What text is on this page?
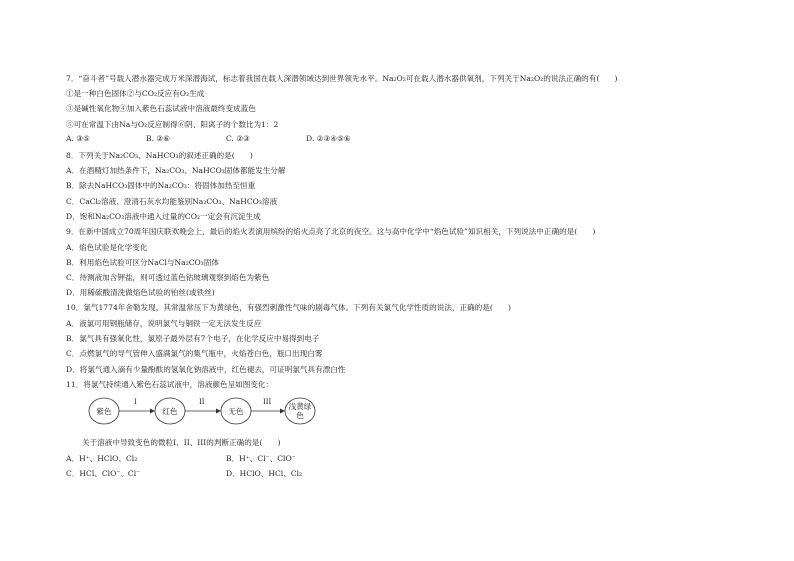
7．“奋斗者”号载人潜水器完成万米深潜海试，标志着我国在载人深潜领域达到世界领先水平。Na₂O₂可在载人潜水器供氧剂，下列关于Na₂O₂的说法正确的有(　　)
①是一种白色固体②与CO₂反应有O₂生成
③是碱性氧化物④加入紫色石蕊试液中溶液最终变成蓝色
⑤可在常温下由Na与O₂反应制得⑥阴、阳离子的个数比为1：2
A. ③⑤	B. ②⑥	C. ②③	D. ②③④⑤⑥
8．下列关于Na₂CO₃、NaHCO₃的叙述正确的是(　　)
A．在酒精灯加热条件下，Na₂CO₃、NaHCO₃固体都能发生分解
B．除去NaHCO₃固体中的Na₂CO₃：将固体加热至恒重
C．CaCl₂溶液、澄清石灰水均能鉴别Na₂CO₃、NaHCO₃溶液
D．饱和Na₂CO₃溶液中通入过量的CO₂一定会有沉淀生成
9．在新中国成立70周年国庆联欢晚会上，最后的焰火表演用缤纷的焰火点亮了北京的夜空。这与高中化学中“焰色试验”知识相关，下列说法中正确的是(　　)
A．焰色试验是化学变化
B．利用焰色试验可区分NaCl与Na₂CO₃固体
C．待测液加含钾盐，则可透过蓝色钴玻璃观察到焰色为紫色
D．用稀硫酸清洗做焰色试验的铂丝(或铁丝)
10．氯气1774年舍勒发现，其常温常压下为黄绿色，有强烈刺激性气味的剧毒气体。下列有关氯气化学性质的说法，正确的是(　　)
A．液氯可用钢瓶储存，说明氯气与铜铁一定无法发生反应
B．氯气具有强氧化性，氯原子最外层有7个电子，在化学反应中易得到电子
C．点燃氯气的导气管伸入盛满氯气的集气瓶中，火焰苍白色，瓶口出现白雾
D．将氯气通入滴有少量酚酞的氢氧化钠溶液中，红色褪去，可证明氯气具有漂白性
11．将氯气持续通入紫色石蕊试液中，溶液颜色呈如图变化：
紫色	红色	无色	浅黄绿色
I	II	III
关于溶液中导致变色的微粒I、II、III的判断正确的是(　　)
A．H⁺、HClO、Cl₂	B．H⁺、Cl⁻、ClO⁻
C．HCl、ClO⁻、Cl⁻	D．HClO、HCl、Cl₂
